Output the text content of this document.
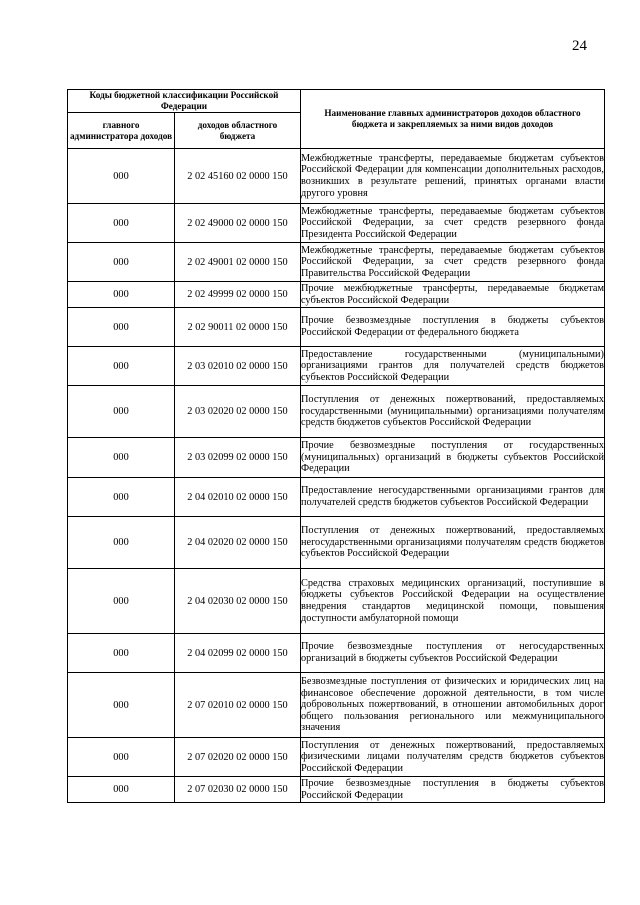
24
Коды бюджетной классификации Российской Федерации		Наименование главных администраторов доходов областного бюджета и закрепляемых за ними видов доходов
главного администратора доходов	доходов областного бюджета	
000	2 02 45160 02 0000 150	Межбюджетные трансферты, передаваемые бюджетам субъектов Российской Федерации для компенсации дополнительных расходов, возникших в результате решений, принятых органами власти другого уровня
000	2 02 49000 02 0000 150	Межбюджетные трансферты, передаваемые бюджетам субъектов Российской Федерации, за счет средств резервного фонда Президента Российской Федерации
000	2 02 49001 02 0000 150	Межбюджетные трансферты, передаваемые бюджетам субъектов Российской Федерации, за счет средств резервного фонда Правительства Российской Федерации
000	2 02 49999 02 0000 150	Прочие межбюджетные трансферты, передаваемые бюджетам субъектов Российской Федерации
000	2 02 90011 02 0000 150	Прочие безвозмездные поступления в бюджеты субъектов Российской Федерации от федерального бюджета
000	2 03 02010 02 0000 150	Предоставление государственными (муниципальными) организациями грантов для получателей средств бюджетов субъектов Российской Федерации
000	2 03 02020 02 0000 150	Поступления от денежных пожертвований, предоставляемых государственными (муниципальными) организациями получателям средств бюджетов субъектов Российской Федерации
000	2 03 02099 02 0000 150	Прочие безвозмездные поступления от государственных (муниципальных) организаций в бюджеты субъектов Российской Федерации
000	2 04 02010 02 0000 150	Предоставление негосударственными организациями грантов для получателей средств бюджетов субъектов Российской Федерации
000	2 04 02020 02 0000 150	Поступления от денежных пожертвований, предоставляемых негосударственными организациями получателям средств бюджетов субъектов Российской Федерации
000	2 04 02030 02 0000 150	Средства страховых медицинских организаций, поступившие в бюджеты субъектов Российской Федерации на осуществление внедрения стандартов медицинской помощи, повышения доступности амбулаторной помощи
000	2 04 02099 02 0000 150	Прочие безвозмездные поступления от негосударственных организаций в бюджеты субъектов Российской Федерации
000	2 07 02010 02 0000 150	Безвозмездные поступления от физических и юридических лиц на финансовое обеспечение дорожной деятельности, в том числе добровольных пожертвований, в отношении автомобильных дорог общего пользования регионального или межмуниципального значения
000	2 07 02020 02 0000 150	Поступления от денежных пожертвований, предоставляемых физическими лицами получателям средств бюджетов субъектов Российской Федерации
000	2 07 02030 02 0000 150	Прочие безвозмездные поступления в бюджеты субъектов Российской Федерации
